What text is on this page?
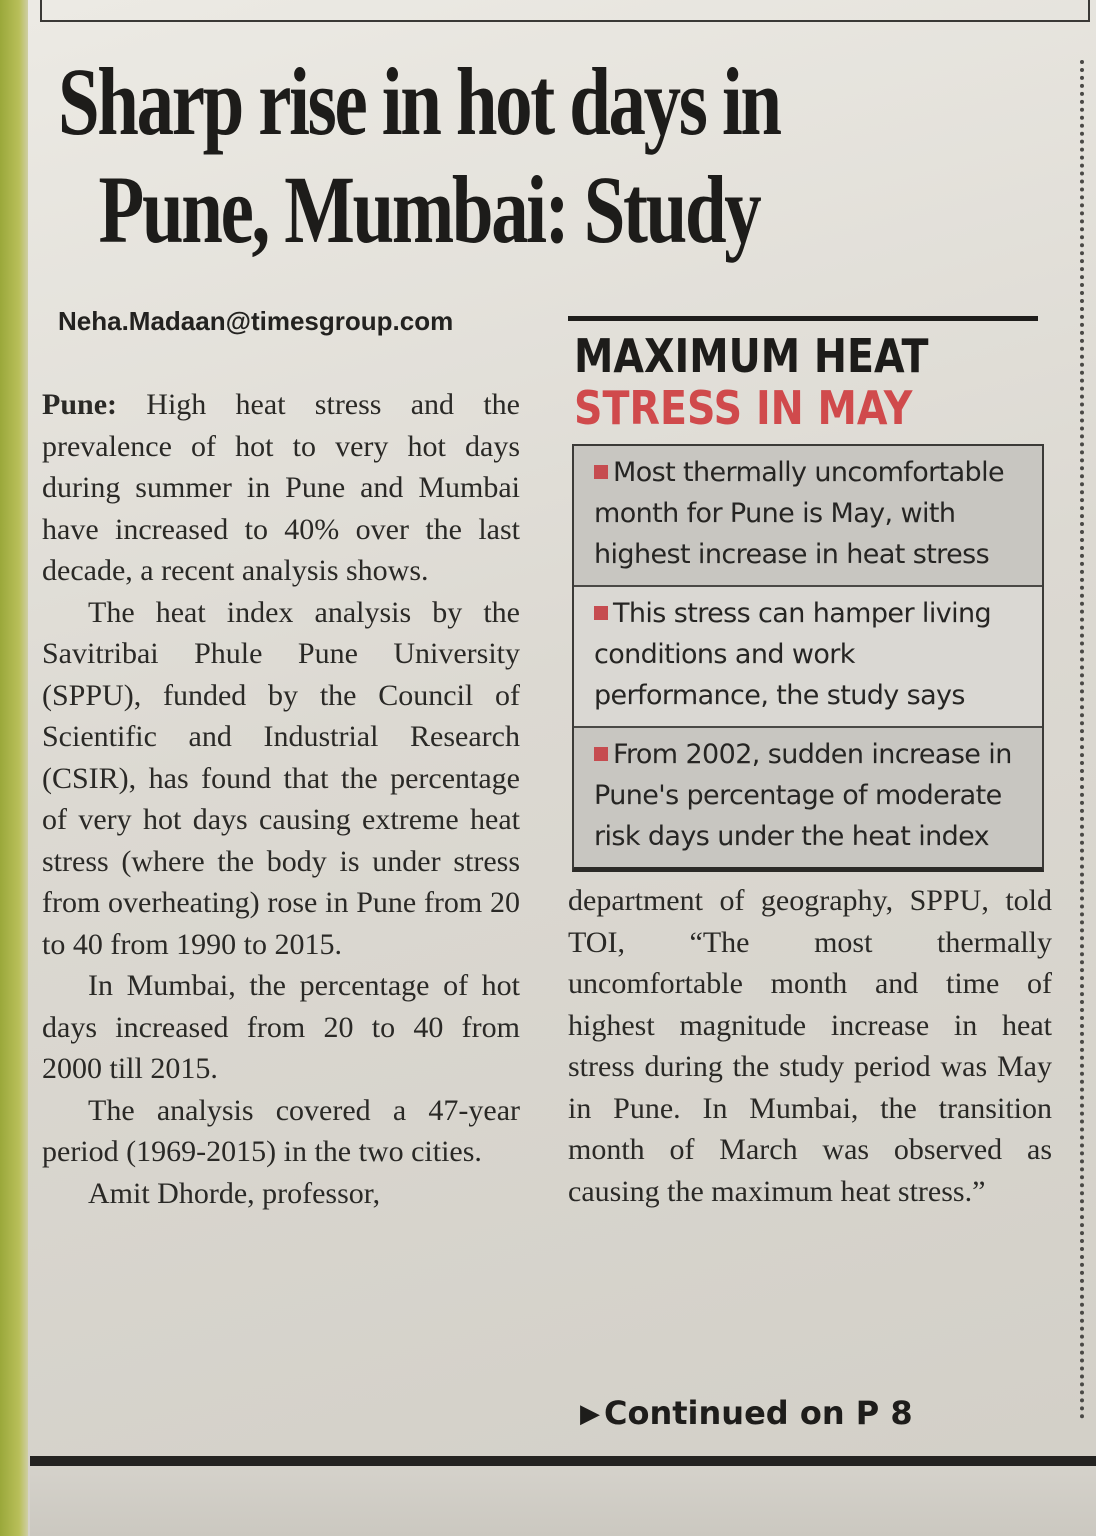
Sharp rise in hot days in
Pune, Mumbai: Study
Neha.Madaan@timesgroup.com

Pune: High heat stress and the prevalence of hot to very hot days during summer in Pune and Mumbai have increased to 40% over the last decade, a recent analysis shows.

The heat index analysis by the Savitribai Phule Pune University (SPPU), funded by the Council of Scientific and Industrial Research (CSIR), has found that the percentage of very hot days causing extreme heat stress (where the body is under stress from overheating) rose in Pune from 20 to 40 from 1990 to 2015.

In Mumbai, the percentage of hot days increased from 20 to 40 from 2000 till 2015.

The analysis covered a 47-year period (1969-2015) in the two cities.

Amit Dhorde, professor,

MAXIMUM HEAT
STRESS IN MAY
Most thermally uncomfortable month for Pune is May, with highest increase in heat stress
This stress can hamper living conditions and work performance, the study says
From 2002, sudden increase in Pune's percentage of moderate risk days under the heat index

department of geography, SPPU, told TOI, “The most thermally uncomfortable month and time of highest magnitude increase in heat stress during the study period was May in Pune. In Mumbai, the transition month of March was observed as causing the maximum heat stress.”

▶ Continued on P 8
